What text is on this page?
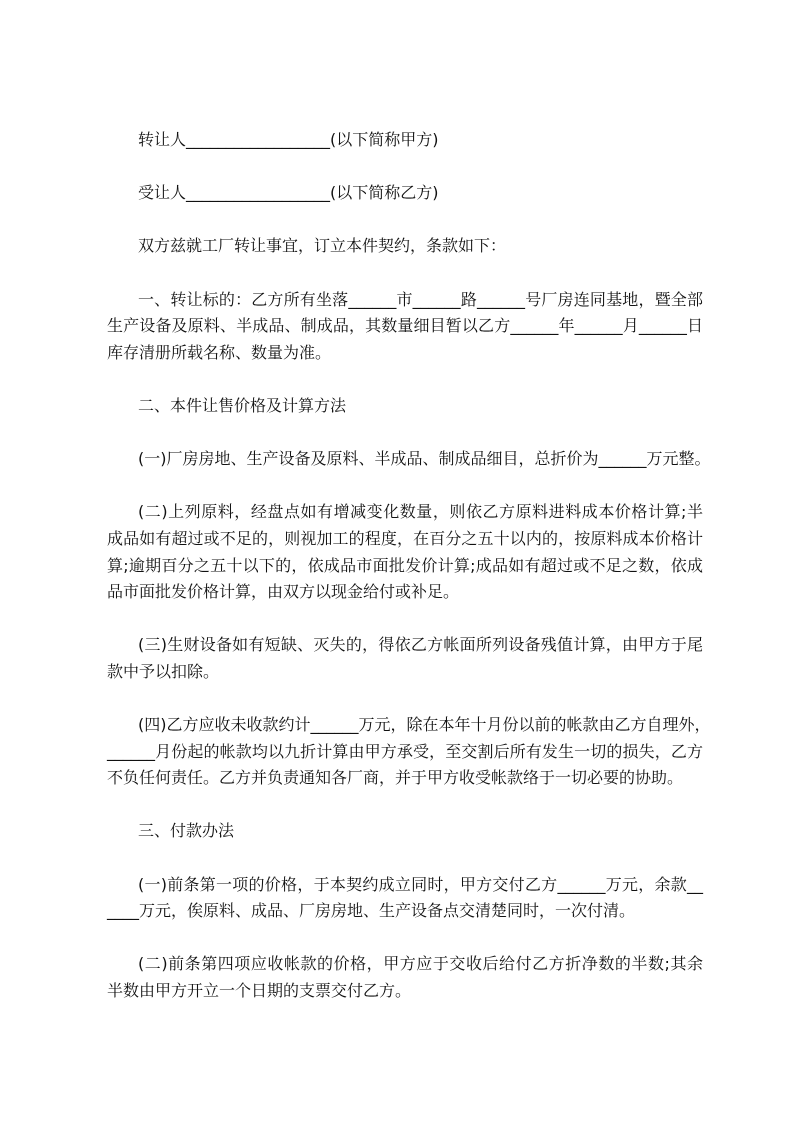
转让人__________________(以下简称甲方)
受让人__________________(以下简称乙方)
双方兹就工厂转让事宜，订立本件契约，条款如下：
一、转让标的：乙方所有坐落______市______路______号厂房连同基地，暨全部
生产设备及原料、半成品、制成品，其数量细目暂以乙方______年______月______日
库存清册所载名称、数量为准。
二、本件让售价格及计算方法
(一)厂房房地、生产设备及原料、半成品、制成品细目，总折价为______万元整。
(二)上列原料，经盘点如有增减变化数量，则依乙方原料进料成本价格计算;半
成品如有超过或不足的，则视加工的程度，在百分之五十以内的，按原料成本价格计
算;逾期百分之五十以下的，依成品市面批发价计算;成品如有超过或不足之数，依成
品市面批发价格计算，由双方以现金给付或补足。
(三)生财设备如有短缺、灭失的，得依乙方帐面所列设备残值计算，由甲方于尾
款中予以扣除。
(四)乙方应收未收款约计______万元，除在本年十月份以前的帐款由乙方自理外，
______月份起的帐款均以九折计算由甲方承受，至交割后所有发生一切的损失，乙方
不负任何责任。乙方并负责通知各厂商，并于甲方收受帐款络于一切必要的协助。
三、付款办法
(一)前条第一项的价格，于本契约成立同时，甲方交付乙方______万元，余款__
____万元，俟原料、成品、厂房房地、生产设备点交清楚同时，一次付清。
(二)前条第四项应收帐款的价格，甲方应于交收后给付乙方折净数的半数;其余
半数由甲方开立一个日期的支票交付乙方。
